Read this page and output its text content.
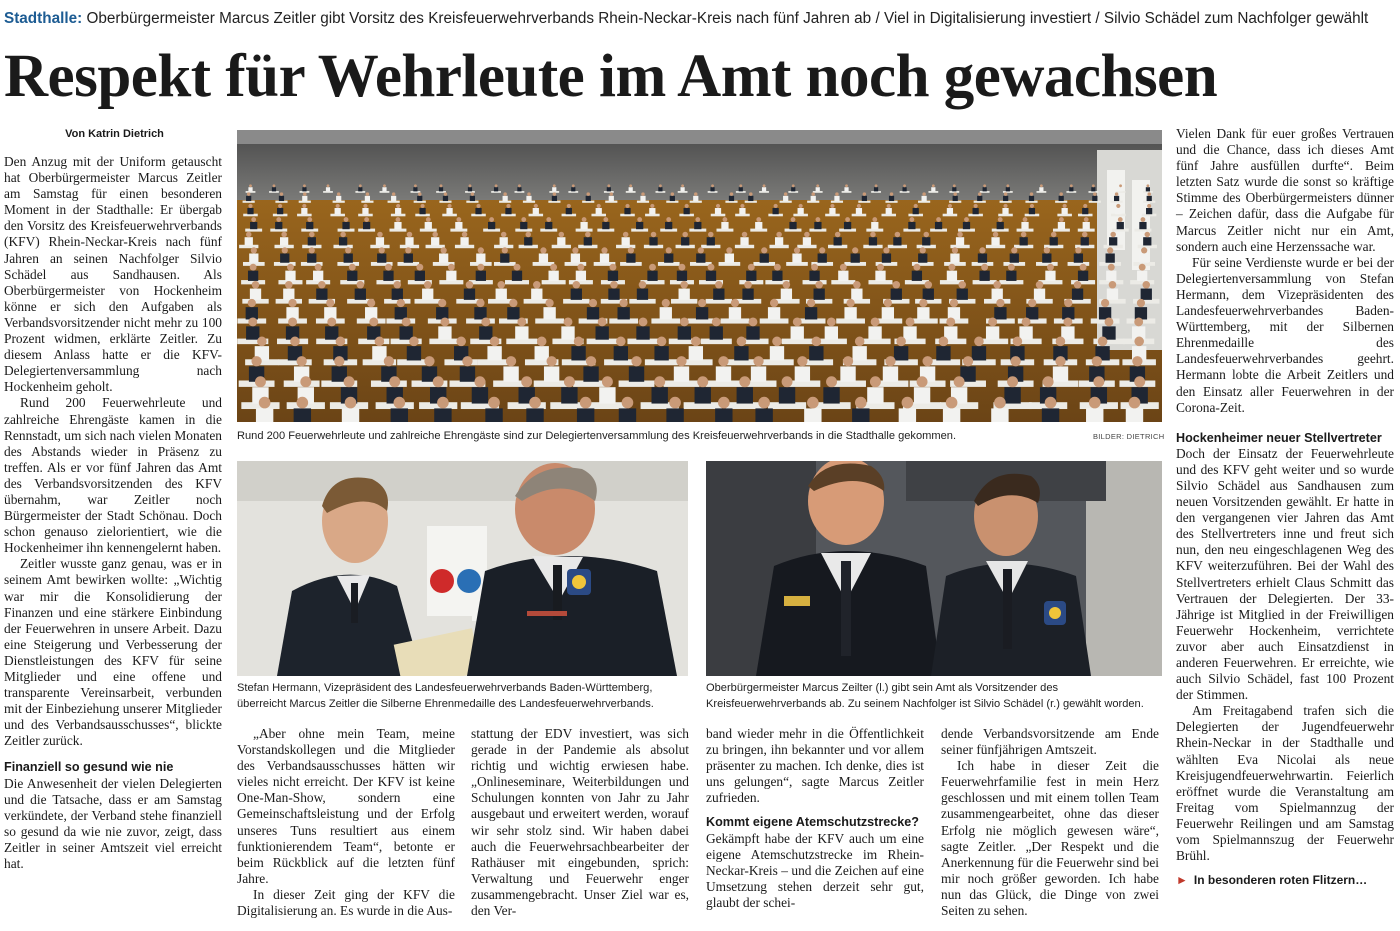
Stadthalle: Oberbürgermeister Marcus Zeitler gibt Vorsitz des Kreisfeuerwehrverbands Rhein-Neckar-Kreis nach fünf Jahren ab / Viel in Digitalisierung investiert / Silvio Schädel zum Nachfolger gewählt
Respekt für Wehrleute im Amt noch gewachsen
Von Katrin Dietrich

Den Anzug mit der Uniform getauscht hat Oberbürgermeister Marcus Zeitler am Samstag für einen besonderen Moment in der Stadthalle: Er übergab den Vorsitz des Kreisfeuerwehrverbands (KFV) Rhein-Neckar-Kreis nach fünf Jahren an seinen Nachfolger Silvio Schädel aus Sandhausen. Als Oberbürgermeister von Hockenheim könne er sich den Aufgaben als Verbandsvorsitzender nicht mehr zu 100 Prozent widmen, erklärte Zeitler. Zu diesem Anlass hatte er die KFV-Delegiertenversammlung nach Hockenheim geholt.

Rund 200 Feuerwehrleute und zahlreiche Ehrengäste kamen in die Rennstadt, um sich nach vielen Monaten des Abstands wieder in Präsenz zu treffen. Als er vor fünf Jahren das Amt des Verbandsvorsitzenden des KFV übernahm, war Zeitler noch Bürgermeister der Stadt Schönau. Doch schon genauso zielorientiert, wie die Hockenheimer ihn kennengelernt haben.

Zeitler wusste ganz genau, was er in seinem Amt bewirken wollte: „Wichtig war mir die Konsolidierung der Finanzen und eine stärkere Einbindung der Feuerwehren in unsere Arbeit. Dazu eine Steigerung und Verbesserung der Dienstleistungen des KFV für seine Mitglieder und eine offene und transparente Vereinsarbeit, verbunden mit der Einbeziehung unserer Mitglieder und des Verbandsausschusses“, blickte Zeitler zurück.

Finanziell so gesund wie nie

Die Anwesenheit der vielen Delegierten und die Tatsache, dass er am Samstag verkündete, der Verband stehe finanziell so gesund da wie nie zuvor, zeigt, dass Zeitler in seiner Amtszeit viel erreicht hat.

Rund 200 Feuerwehrleute und zahlreiche Ehrengäste sind zur Delegiertenversammlung des Kreisfeuerwehrverbands in die Stadthalle gekommen.	BILDER: DIETRICH
Stefan Hermann, Vizepräsident des Landesfeuerwehrverbands Baden-Württemberg, überreicht Marcus Zeitler die Silberne Ehrenmedaille des Landesfeuerwehrverbands.
Oberbürgermeister Marcus Zeilter (l.) gibt sein Amt als Vorsitzender des Kreisfeuerwehrverbands ab. Zu seinem Nachfolger ist Silvio Schädel (r.) gewählt worden.

„Aber ohne mein Team, meine Vorstandskollegen und die Mitglieder des Verbandsausschusses hätten wir vieles nicht erreicht. Der KFV ist keine One-Man-Show, sondern eine Gemeinschaftsleistung und der Erfolg unseres Tuns resultiert aus einem funktionierendem Team“, betonte er beim Rückblick auf die letzten fünf Jahre.

In dieser Zeit ging der KFV die Digitalisierung an. Es wurde in die Aus-

stattung der EDV investiert, was sich gerade in der Pandemie als absolut richtig und wichtig erwiesen habe. „Onlineseminare, Weiterbildungen und Schulungen konnten von Jahr zu Jahr ausgebaut und erweitert werden, worauf wir sehr stolz sind. Wir haben dabei auch die Feuerwehrsachbearbeiter der Rathäuser mit eingebunden, sprich: Verwaltung und Feuerwehr enger zusammengebracht. Unser Ziel war es, den Ver-

band wieder mehr in die Öffentlichkeit zu bringen, ihn bekannter und vor allem präsenter zu machen. Ich denke, dies ist uns gelungen“, sagte Marcus Zeitler zufrieden.

Kommt eigene Atemschutzstrecke?

Gekämpft habe der KFV auch um eine eigene Atemschutzstrecke im Rhein-Neckar-Kreis – und die Zeichen auf eine Umsetzung stehen derzeit sehr gut, glaubt der schei-

dende Verbandsvorsitzende am Ende seiner fünfjährigen Amtszeit.

Ich habe in dieser Zeit die Feuerwehrfamilie fest in mein Herz geschlossen und mit einem tollen Team zusammengearbeitet, ohne das dieser Erfolg nie möglich gewesen wäre“, sagte Zeitler. „Der Respekt und die Anerkennung für die Feuerwehr sind bei mir noch größer geworden. Ich habe nun das Glück, die Dinge von zwei Seiten zu sehen.

Vielen Dank für euer großes Vertrauen und die Chance, dass ich dieses Amt fünf Jahre ausfüllen durfte“. Beim letzten Satz wurde die sonst so kräftige Stimme des Oberbürgermeisters dünner – Zeichen dafür, dass die Aufgabe für Marcus Zeitler nicht nur ein Amt, sondern auch eine Herzenssache war.

Für seine Verdienste wurde er bei der Delegiertenversammlung von Stefan Hermann, dem Vizepräsidenten des Landesfeuerwehrverbandes Baden-Württemberg, mit der Silbernen Ehrenmedaille des Landesfeuerwehrverbandes geehrt. Hermann lobte die Arbeit Zeitlers und den Einsatz aller Feuerwehren in der Corona-Zeit.

Hockenheimer neuer Stellvertreter

Doch der Einsatz der Feuerwehrleute und des KFV geht weiter und so wurde Silvio Schädel aus Sandhausen zum neuen Vorsitzenden gewählt. Er hatte in den vergangenen vier Jahren das Amt des Stellvertreters inne und freut sich nun, den neu eingeschlagenen Weg des KFV weiterzuführen. Bei der Wahl des Stellvertreters erhielt Claus Schmitt das Vertrauen der Delegierten. Der 33-Jährige ist Mitglied in der Freiwilligen Feuerwehr Hockenheim, verrichtete zuvor aber auch Einsatzdienst in anderen Feuerwehren. Er erreichte, wie auch Silvio Schädel, fast 100 Prozent der Stimmen.

Am Freitagabend trafen sich die Delegierten der Jugendfeuerwehr Rhein-Neckar in der Stadthalle und wählten Eva Nicolai als neue Kreisjugendfeuerwehrwartin. Feierlich eröffnet wurde die Veranstaltung am Freitag vom Spielmannzug der Feuerwehr Reilingen und am Samstag vom Spielmannszug der Feuerwehr Brühl.

► In besonderen roten Flitzern…
